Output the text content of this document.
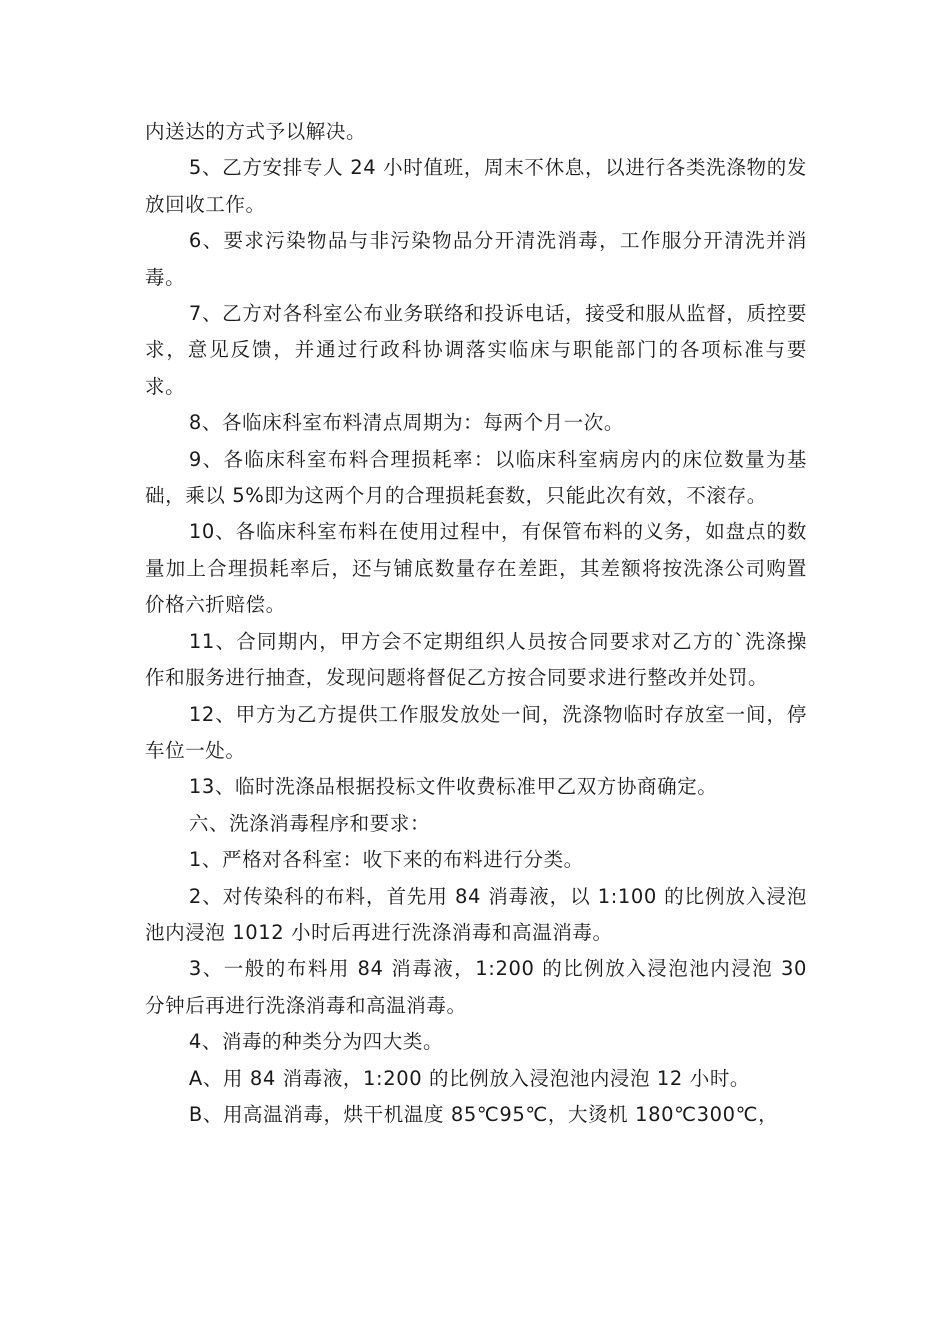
内送达的方式予以解决。

5、乙方安排专人 24 小时值班，周末不休息，以进行各类洗涤物的发放回收工作。

6、要求污染物品与非污染物品分开清洗消毒，工作服分开清洗并消毒。

7、乙方对各科室公布业务联络和投诉电话，接受和服从监督，质控要求，意见反馈，并通过行政科协调落实临床与职能部门的各项标准与要求。

8、各临床科室布料清点周期为：每两个月一次。

9、各临床科室布料合理损耗率：以临床科室病房内的床位数量为基础，乘以 5%即为这两个月的合理损耗套数，只能此次有效，不滚存。

10、各临床科室布料在使用过程中，有保管布料的义务，如盘点的数量加上合理损耗率后，还与铺底数量存在差距，其差额将按洗涤公司购置价格六折赔偿。

11、合同期内，甲方会不定期组织人员按合同要求对乙方的`洗涤操作和服务进行抽查，发现问题将督促乙方按合同要求进行整改并处罚。

12、甲方为乙方提供工作服发放处一间，洗涤物临时存放室一间，停车位一处。

13、临时洗涤品根据投标文件收费标准甲乙双方协商确定。

六、洗涤消毒程序和要求：

1、严格对各科室：收下来的布料进行分类。

2、对传染科的布料，首先用 84 消毒液，以 1:100 的比例放入浸泡池内浸泡 1012 小时后再进行洗涤消毒和高温消毒。

3、一般的布料用 84 消毒液，1:200 的比例放入浸泡池内浸泡 30 分钟后再进行洗涤消毒和高温消毒。

4、消毒的种类分为四大类。

A、用 84 消毒液，1:200 的比例放入浸泡池内浸泡 12 小时。

B、用高温消毒，烘干机温度 85℃95℃，大烫机 180℃300℃，
